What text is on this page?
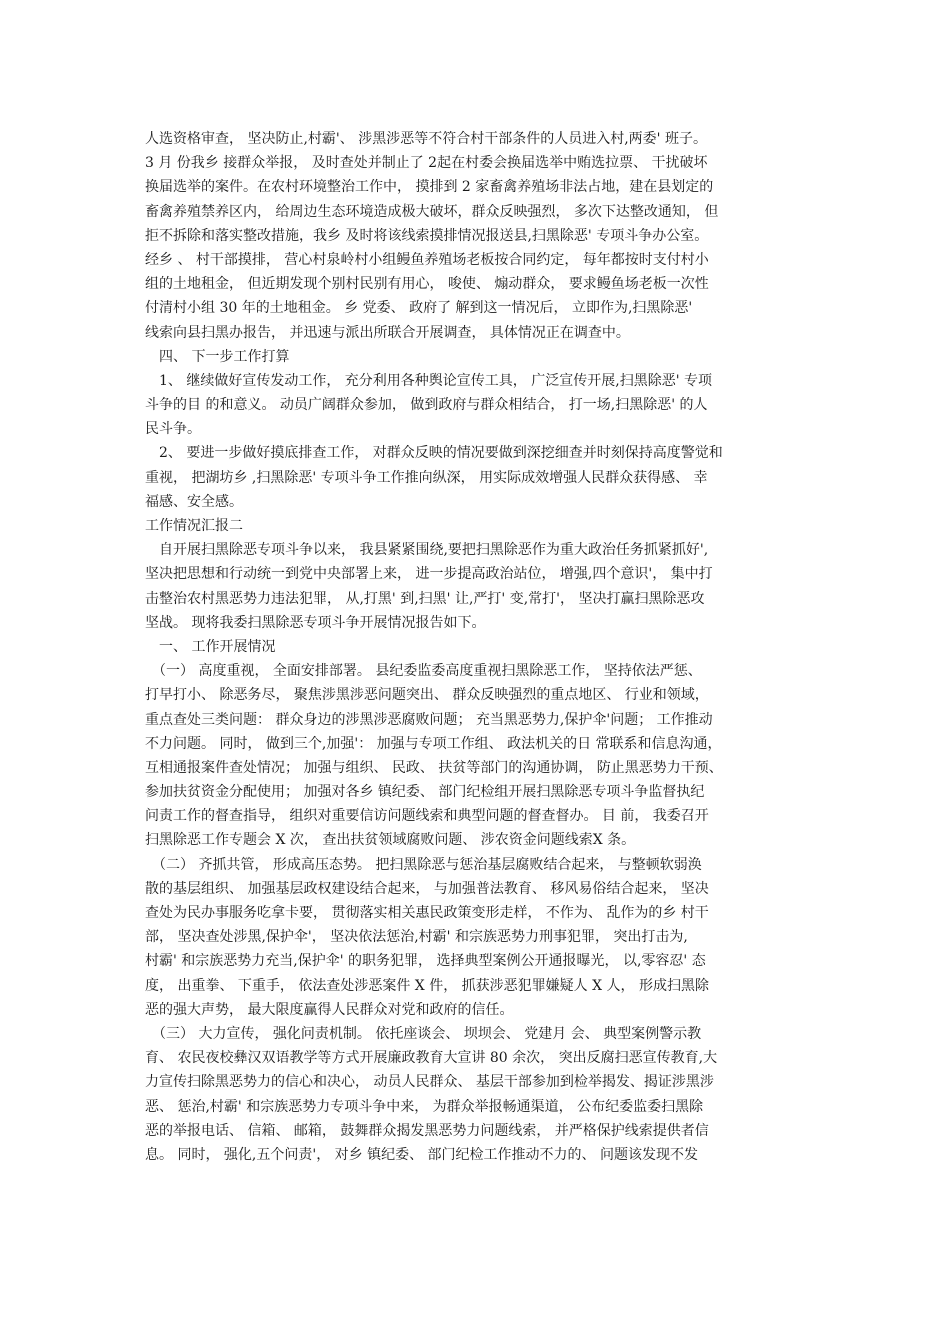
人选资格审查， 坚决防止,村霸'、 涉黑涉恶等不符合村干部条件的人员进入村,两委' 班子。
3 月 份我乡 接群众举报， 及时查处并制止了 2起在村委会换届选举中贿选拉票、 干扰破坏
换届选举的案件。在农村环境整治工作中， 摸排到 2 家畜禽养殖场非法占地，建在县划定的
畜禽养殖禁养区内， 给周边生态环境造成极大破坏，群众反映强烈， 多次下达整改通知， 但
拒不拆除和落实整改措施，我乡 及时将该线索摸排情况报送县,扫黑除恶' 专项斗争办公室。
经乡 、 村干部摸排， 营心村泉岭村小组鳗鱼养殖场老板按合同约定， 每年都按时支付村小
组的土地租金， 但近期发现个别村民别有用心， 唆使、 煽动群众， 要求鳗鱼场老板一次性
付清村小组 30 年的土地租金。 乡 党委、 政府了 解到这一情况后， 立即作为,扫黑除恶'
线索向县扫黑办报告， 并迅速与派出所联合开展调查， 具体情况正在调查中。
　四、 下一步工作打算
　1、 继续做好宣传发动工作， 充分利用各种舆论宣传工具， 广泛宣传开展,扫黑除恶' 专项
斗争的目 的和意义。 动员广阔群众参加， 做到政府与群众相结合， 打一场,扫黑除恶' 的人
民斗争。
　2、 要进一步做好摸底排查工作， 对群众反映的情况要做到深挖细查并时刻保持高度警觉和
重视， 把湖坊乡 ,扫黑除恶' 专项斗争工作推向纵深， 用实际成效增强人民群众获得感、 幸
福感、安全感。
工作情况汇报二
　自开展扫黑除恶专项斗争以来， 我县紧紧围绕,要把扫黑除恶作为重大政治任务抓紧抓好',
坚决把思想和行动统一到党中央部署上来， 进一步提高政治站位， 增强,四个意识'， 集中打
击整治农村黑恶势力违法犯罪， 从,打黑' 到,扫黑' 让,严打' 变,常打'， 坚决打赢扫黑除恶攻
坚战。 现将我委扫黑除恶专项斗争开展情况报告如下。
　一、 工作开展情况
　（一） 高度重视， 全面安排部署。 县纪委监委高度重视扫黑除恶工作， 坚持依法严惩、
打早打小、 除恶务尽， 聚焦涉黑涉恶问题突出、 群众反映强烈的重点地区、 行业和领域，
重点查处三类问题： 群众身边的涉黑涉恶腐败问题； 充当黑恶势力,保护伞'问题； 工作推动
不力问题。 同时， 做到三个,加强'： 加强与专项工作组、 政法机关的日 常联系和信息沟通，
互相通报案件查处情况； 加强与组织、 民政、 扶贫等部门的沟通协调， 防止黑恶势力干预、
参加扶贫资金分配使用； 加强对各乡 镇纪委、 部门纪检组开展扫黑除恶专项斗争监督执纪
问责工作的督查指导， 组织对重要信访问题线索和典型问题的督查督办。 目 前， 我委召开
扫黑除恶工作专题会 X 次， 查出扶贫领域腐败问题、 涉农资金问题线索X 条。
　（二） 齐抓共管， 形成高压态势。 把扫黑除恶与惩治基层腐败结合起来， 与整顿软弱涣
散的基层组织、 加强基层政权建设结合起来， 与加强普法教育、 移风易俗结合起来， 坚决
查处为民办事服务吃拿卡要， 贯彻落实相关惠民政策变形走样， 不作为、 乱作为的乡 村干
部， 坚决查处涉黑,保护伞'， 坚决依法惩治,村霸' 和宗族恶势力刑事犯罪， 突出打击为,
村霸' 和宗族恶势力充当,保护伞' 的职务犯罪， 选择典型案例公开通报曝光， 以,零容忍' 态
度， 出重拳、 下重手， 依法查处涉恶案件 X 件， 抓获涉恶犯罪嫌疑人 X 人， 形成扫黑除
恶的强大声势， 最大限度赢得人民群众对党和政府的信任。
　（三） 大力宣传， 强化问责机制。 依托座谈会、 坝坝会、 党建月 会、 典型案例警示教
育、 农民夜校彝汉双语教学等方式开展廉政教育大宣讲 80 余次， 突出反腐扫恶宣传教育,大
力宣传扫除黑恶势力的信心和决心， 动员人民群众、 基层干部参加到检举揭发、揭证涉黑涉
恶、 惩治,村霸' 和宗族恶势力专项斗争中来， 为群众举报畅通渠道， 公布纪委监委扫黑除
恶的举报电话、 信箱、 邮箱， 鼓舞群众揭发黑恶势力问题线索， 并严格保护线索提供者信
息。 同时， 强化,五个问责'， 对乡 镇纪委、 部门纪检工作推动不力的、 问题该发现不发
